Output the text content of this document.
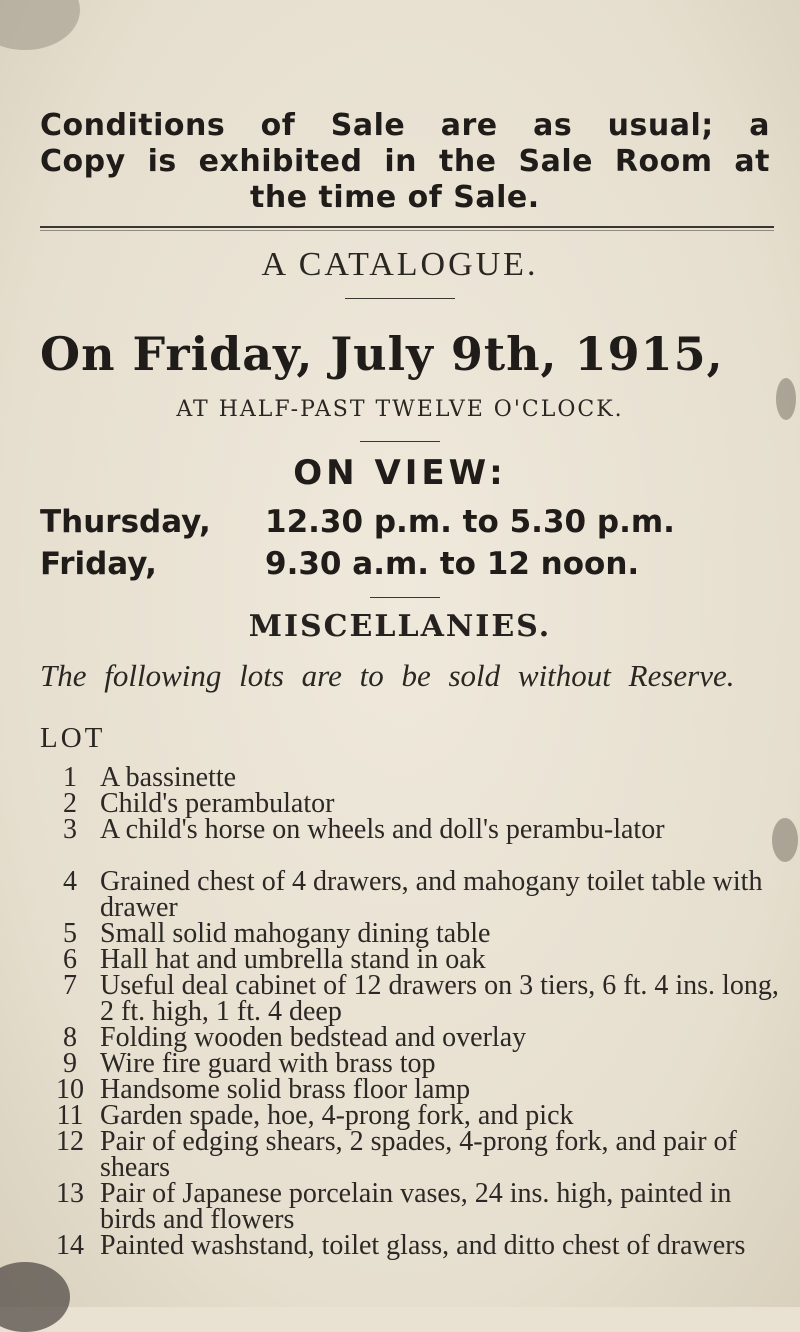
Conditions of Sale are as usual; a
Copy is exhibited in the Sale Room at
the time of Sale.
A CATALOGUE.
On Friday, July 9th, 1915,
AT HALF-PAST TWELVE O'CLOCK.
ON VIEW:
Thursday, 12.30 p.m. to 5.30 p.m.
Friday,	9.30 a.m. to 12 noon.
MISCELLANIES.
The following lots are to be sold without Reserve.
LOT
1 A bassinette
2 Child's perambulator
3 A child's horse on wheels and doll's perambu-lator
4 Grained chest of 4 drawers, and mahogany toilet table with drawer
5 Small solid mahogany dining table
6 Hall hat and umbrella stand in oak
7 Useful deal cabinet of 12 drawers on 3 tiers, 6 ft. 4 ins. long, 2 ft. high, 1 ft. 4 deep
8 Folding wooden bedstead and overlay
9 Wire fire guard with brass top
10 Handsome solid brass floor lamp
11 Garden spade, hoe, 4-prong fork, and pick
12 Pair of edging shears, 2 spades, 4-prong fork, and pair of shears
13 Pair of Japanese porcelain vases, 24 ins. high, painted in birds and flowers
14 Painted washstand, toilet glass, and ditto chest of drawers
